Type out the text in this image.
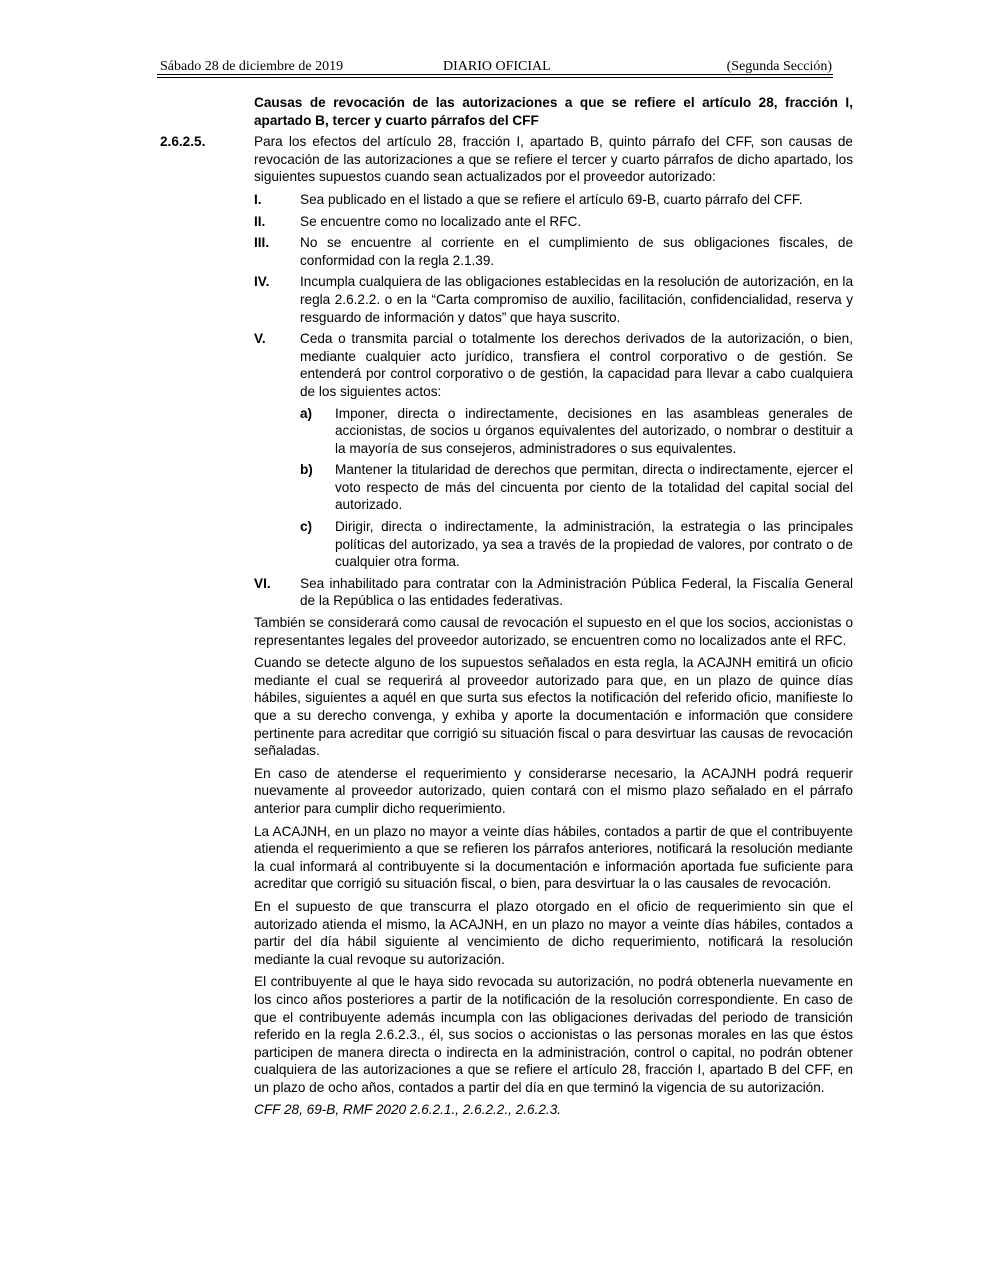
Sábado 28 de diciembre de 2019	DIARIO OFICIAL	(Segunda Sección)
Causas de revocación de las autorizaciones a que se refiere el artículo 28, fracción I, apartado B, tercer y cuarto párrafos del CFF
2.6.2.5.	Para los efectos del artículo 28, fracción I, apartado B, quinto párrafo del CFF, son causas de revocación de las autorizaciones a que se refiere el tercer y cuarto párrafos de dicho apartado, los siguientes supuestos cuando sean actualizados por el proveedor autorizado:

I.	Sea publicado en el listado a que se refiere el artículo 69-B, cuarto párrafo del CFF.
II.	Se encuentre como no localizado ante el RFC.
III. No se encuentre al corriente en el cumplimiento de sus obligaciones fiscales, de conformidad con la regla 2.1.39.
IV. Incumpla cualquiera de las obligaciones establecidas en la resolución de autorización, en la regla 2.6.2.2. o en la “Carta compromiso de auxilio, facilitación, confidencialidad, reserva y resguardo de información y datos” que haya suscrito.
V.	Ceda o transmita parcial o totalmente los derechos derivados de la autorización, o bien, mediante cualquier acto jurídico, transfiera el control corporativo o de gestión. Se entenderá por control corporativo o de gestión, la capacidad para llevar a cabo cualquiera de los siguientes actos:
a) Imponer, directa o indirectamente, decisiones en las asambleas generales de accionistas, de socios u órganos equivalentes del autorizado, o nombrar o destituir a la mayoría de sus consejeros, administradores o sus equivalentes.
b) Mantener la titularidad de derechos que permitan, directa o indirectamente, ejercer el voto respecto de más del cincuenta por ciento de la totalidad del capital social del autorizado.
c) Dirigir, directa o indirectamente, la administración, la estrategia o las principales políticas del autorizado, ya sea a través de la propiedad de valores, por contrato o de cualquier otra forma.
VI. Sea inhabilitado para contratar con la Administración Pública Federal, la Fiscalía General de la República o las entidades federativas.

También se considerará como causal de revocación el supuesto en el que los socios, accionistas o representantes legales del proveedor autorizado, se encuentren como no localizados ante el RFC.

Cuando se detecte alguno de los supuestos señalados en esta regla, la ACAJNH emitirá un oficio mediante el cual se requerirá al proveedor autorizado para que, en un plazo de quince días hábiles, siguientes a aquél en que surta sus efectos la notificación del referido oficio, manifieste lo que a su derecho convenga, y exhiba y aporte la documentación e información que considere pertinente para acreditar que corrigió su situación fiscal o para desvirtuar las causas de revocación señaladas.

En caso de atenderse el requerimiento y considerarse necesario, la ACAJNH podrá requerir nuevamente al proveedor autorizado, quien contará con el mismo plazo señalado en el párrafo anterior para cumplir dicho requerimiento.

La ACAJNH, en un plazo no mayor a veinte días hábiles, contados a partir de que el contribuyente atienda el requerimiento a que se refieren los párrafos anteriores, notificará la resolución mediante la cual informará al contribuyente si la documentación e información aportada fue suficiente para acreditar que corrigió su situación fiscal, o bien, para desvirtuar la o las causales de revocación.

En el supuesto de que transcurra el plazo otorgado en el oficio de requerimiento sin que el autorizado atienda el mismo, la ACAJNH, en un plazo no mayor a veinte días hábiles, contados a partir del día hábil siguiente al vencimiento de dicho requerimiento, notificará la resolución mediante la cual revoque su autorización.

El contribuyente al que le haya sido revocada su autorización, no podrá obtenerla nuevamente en los cinco años posteriores a partir de la notificación de la resolución correspondiente. En caso de que el contribuyente además incumpla con las obligaciones derivadas del periodo de transición referido en la regla 2.6.2.3., él, sus socios o accionistas o las personas morales en las que éstos participen de manera directa o indirecta en la administración, control o capital, no podrán obtener cualquiera de las autorizaciones a que se refiere el artículo 28, fracción I, apartado B del CFF, en un plazo de ocho años, contados a partir del día en que terminó la vigencia de su autorización.

CFF 28, 69-B, RMF 2020 2.6.2.1., 2.6.2.2., 2.6.2.3.
